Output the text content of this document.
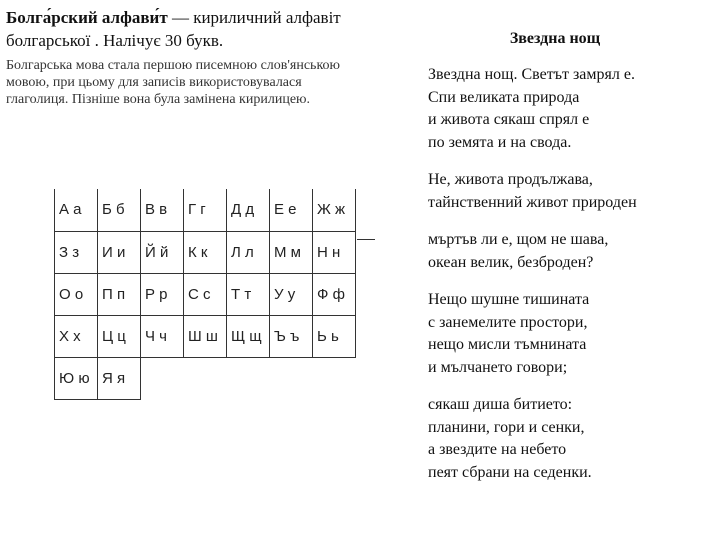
Болга́рский алфави́т — кириличний алфавіт болгарської . Налічує 30 букв.

Болгарська мова стала першою писемною слов'янською мовою, при цьому для записів використовувалася глаголиця. Пізніше вона була замінена кирилицею.
А а	Б б	В в	Г г	Д д	Е е	Ж ж
З з	И и	Й й	К к	Л л	М м	Н н
О о	П п	Р р	С с	Т т	У у	Ф ф
Х х	Ц ц	Ч ч	Ш ш	Щ щ	Ъ ъ	Ь ь
Ю ю	Я я					
Звездна нощ
Звездна нощ. Светът замрял е.
Спи великата природа
и живота сякаш спрял е
по земята и на свода.
Не, живота продължава,
тайнственний живот природен
мъртъв ли е, щом не шава,
океан велик, безброден?
Нещо шушне тишината
с занемелите простори,
нещо мисли тъмнината
и мълчането говори;
сякаш диша битието:
планини, гори и сенки,
а звездите на небето
пеят сбрани на седенки.
